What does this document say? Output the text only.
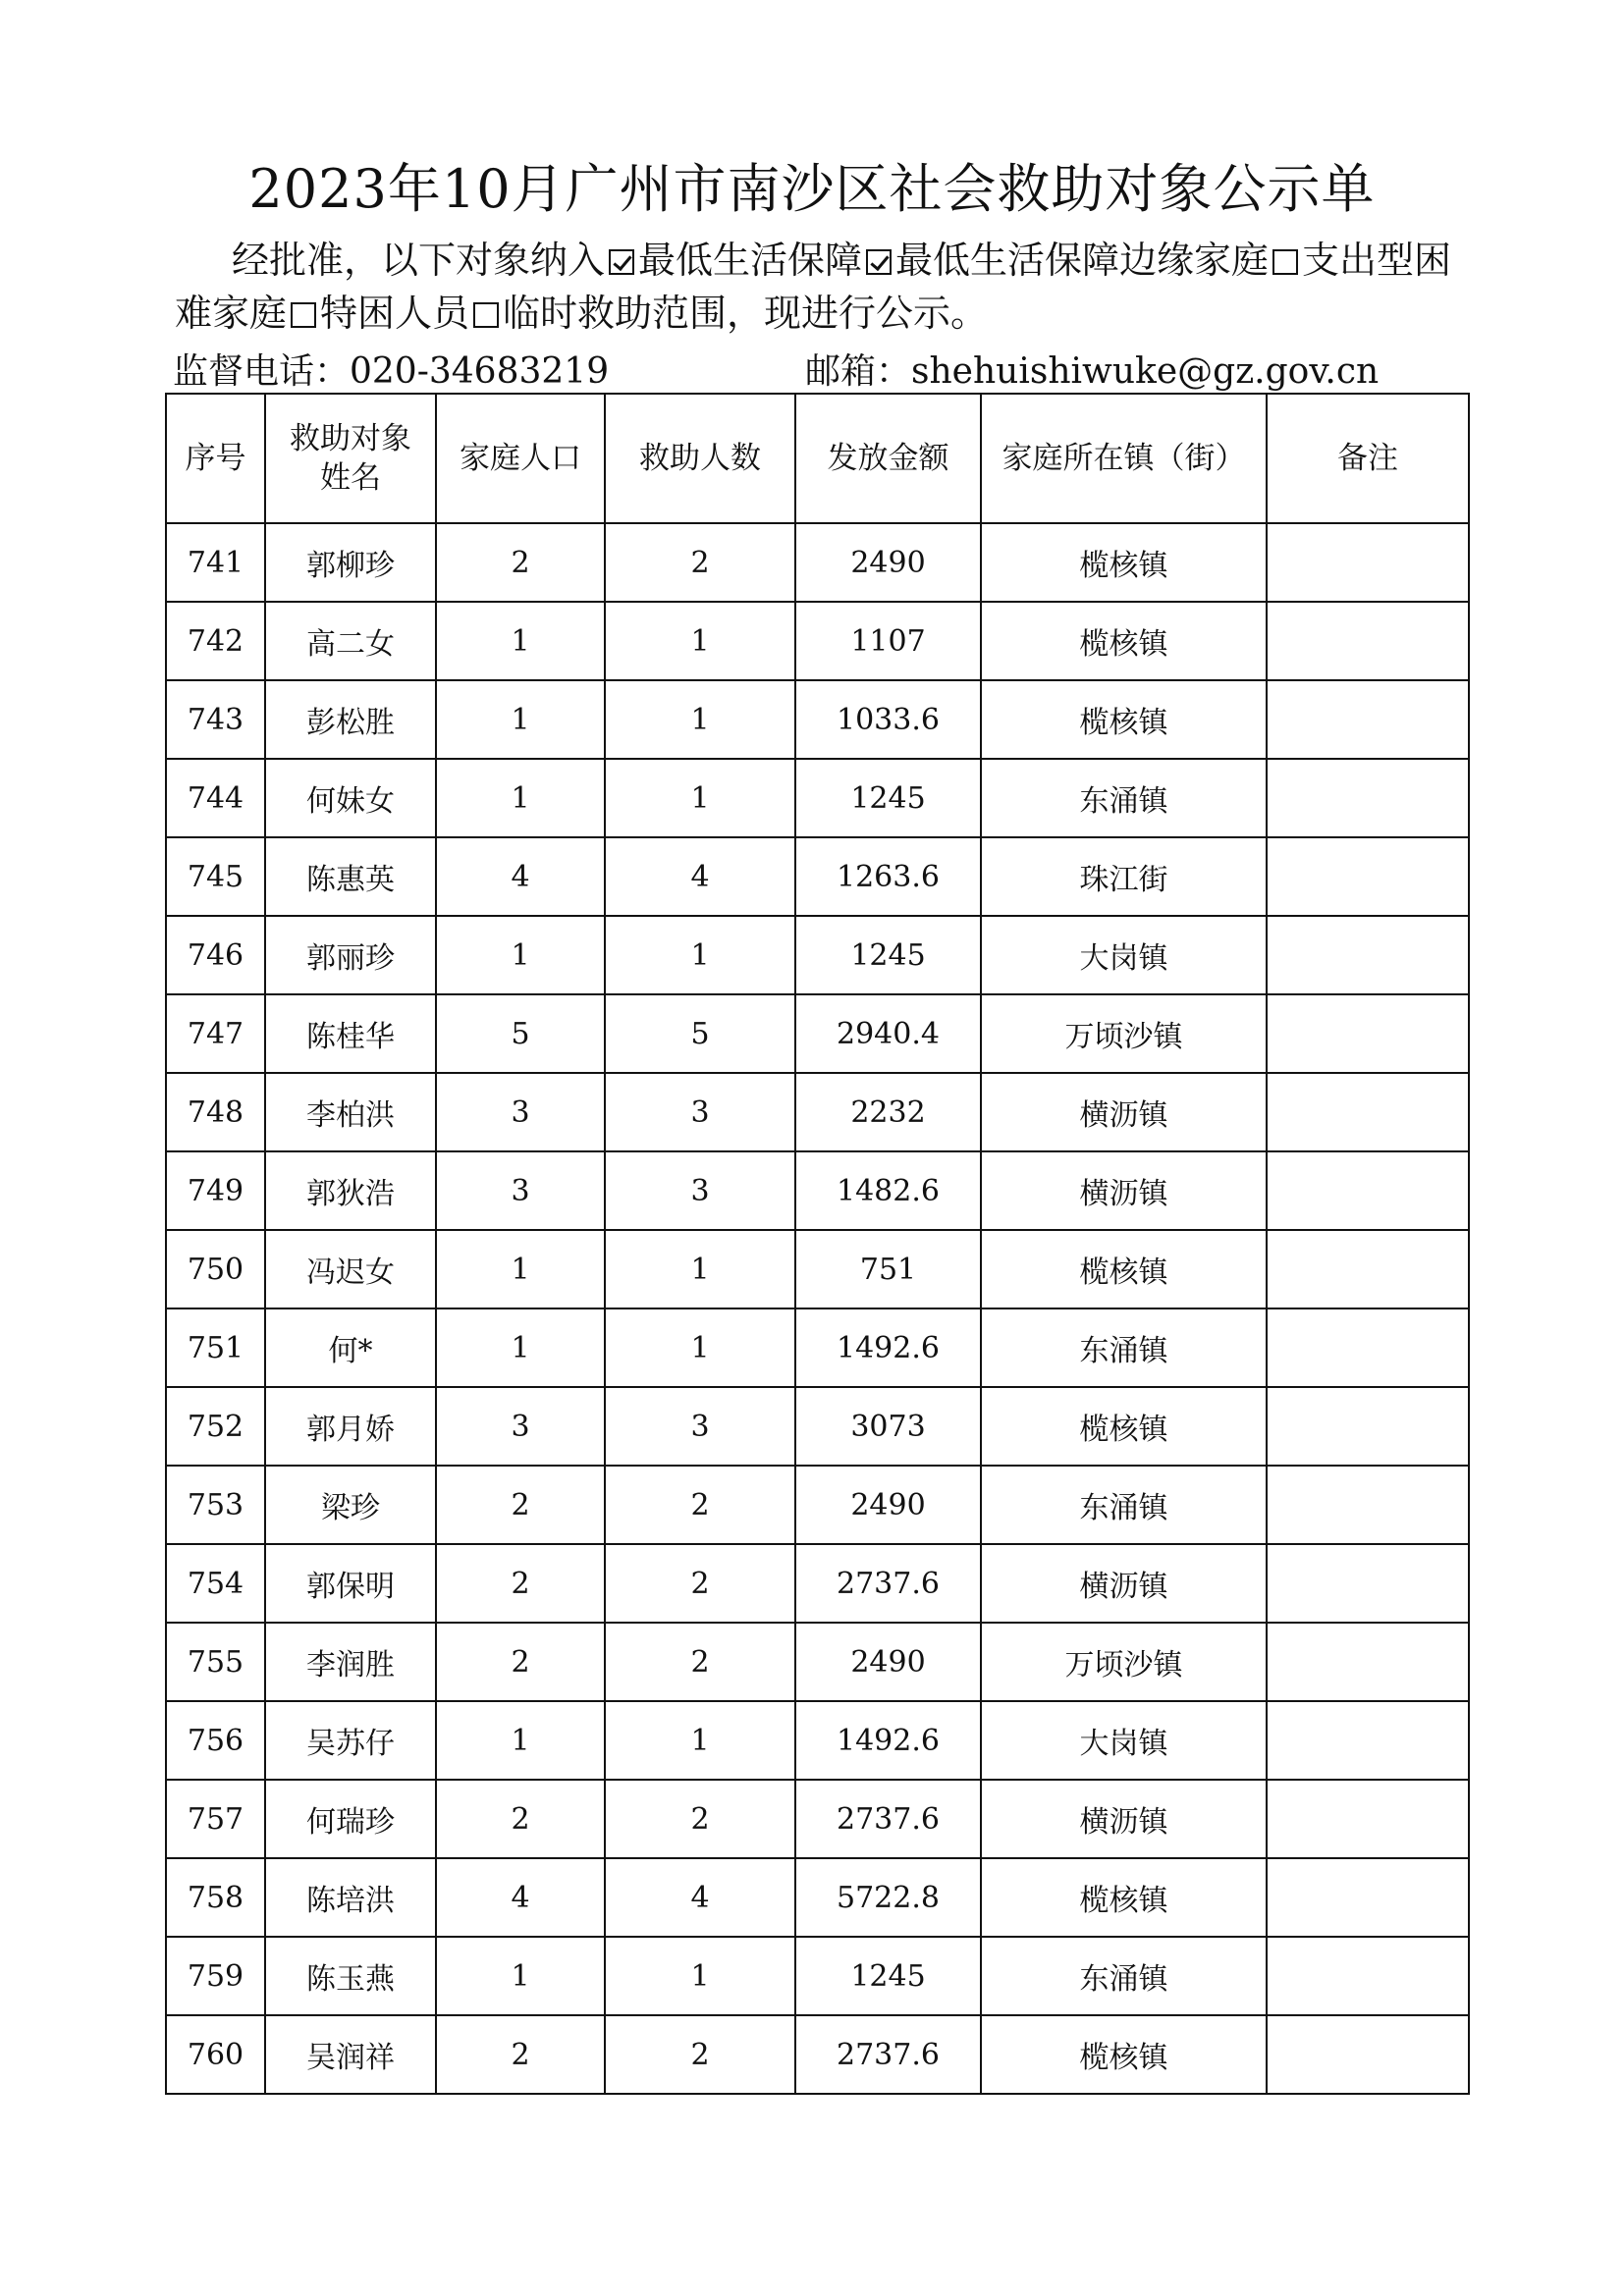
2023年10月广州市南沙区社会救助对象公示单
经批准，以下对象纳入 最低生活保障 最低生活保障边缘家庭 支出型困难家庭 特困人员 临时救助范围，现进行公示。
监督电话：020-34683219	邮箱：shehuishiwuke@gz.gov.cn
序号	救助对象姓名	家庭人口	救助人数	发放金额	家庭所在镇（街）	备注
741	郭柳珍	2	2	2490	榄核镇	
742	高二女	1	1	1107	榄核镇	
743	彭松胜	1	1	1033.6	榄核镇	
744	何妹女	1	1	1245	东涌镇	
745	陈惠英	4	4	1263.6	珠江街	
746	郭丽珍	1	1	1245	大岗镇	
747	陈桂华	5	5	2940.4	万顷沙镇	
748	李柏洪	3	3	2232	横沥镇	
749	郭狄浩	3	3	1482.6	横沥镇	
750	冯迟女	1	1	751	榄核镇	
751	何*	1	1	1492.6	东涌镇	
752	郭月娇	3	3	3073	榄核镇	
753	梁珍	2	2	2490	东涌镇	
754	郭保明	2	2	2737.6	横沥镇	
755	李润胜	2	2	2490	万顷沙镇	
756	吴苏仔	1	1	1492.6	大岗镇	
757	何瑞珍	2	2	2737.6	横沥镇	
758	陈培洪	4	4	5722.8	榄核镇	
759	陈玉燕	1	1	1245	东涌镇	
760	吴润祥	2	2	2737.6	榄核镇	
